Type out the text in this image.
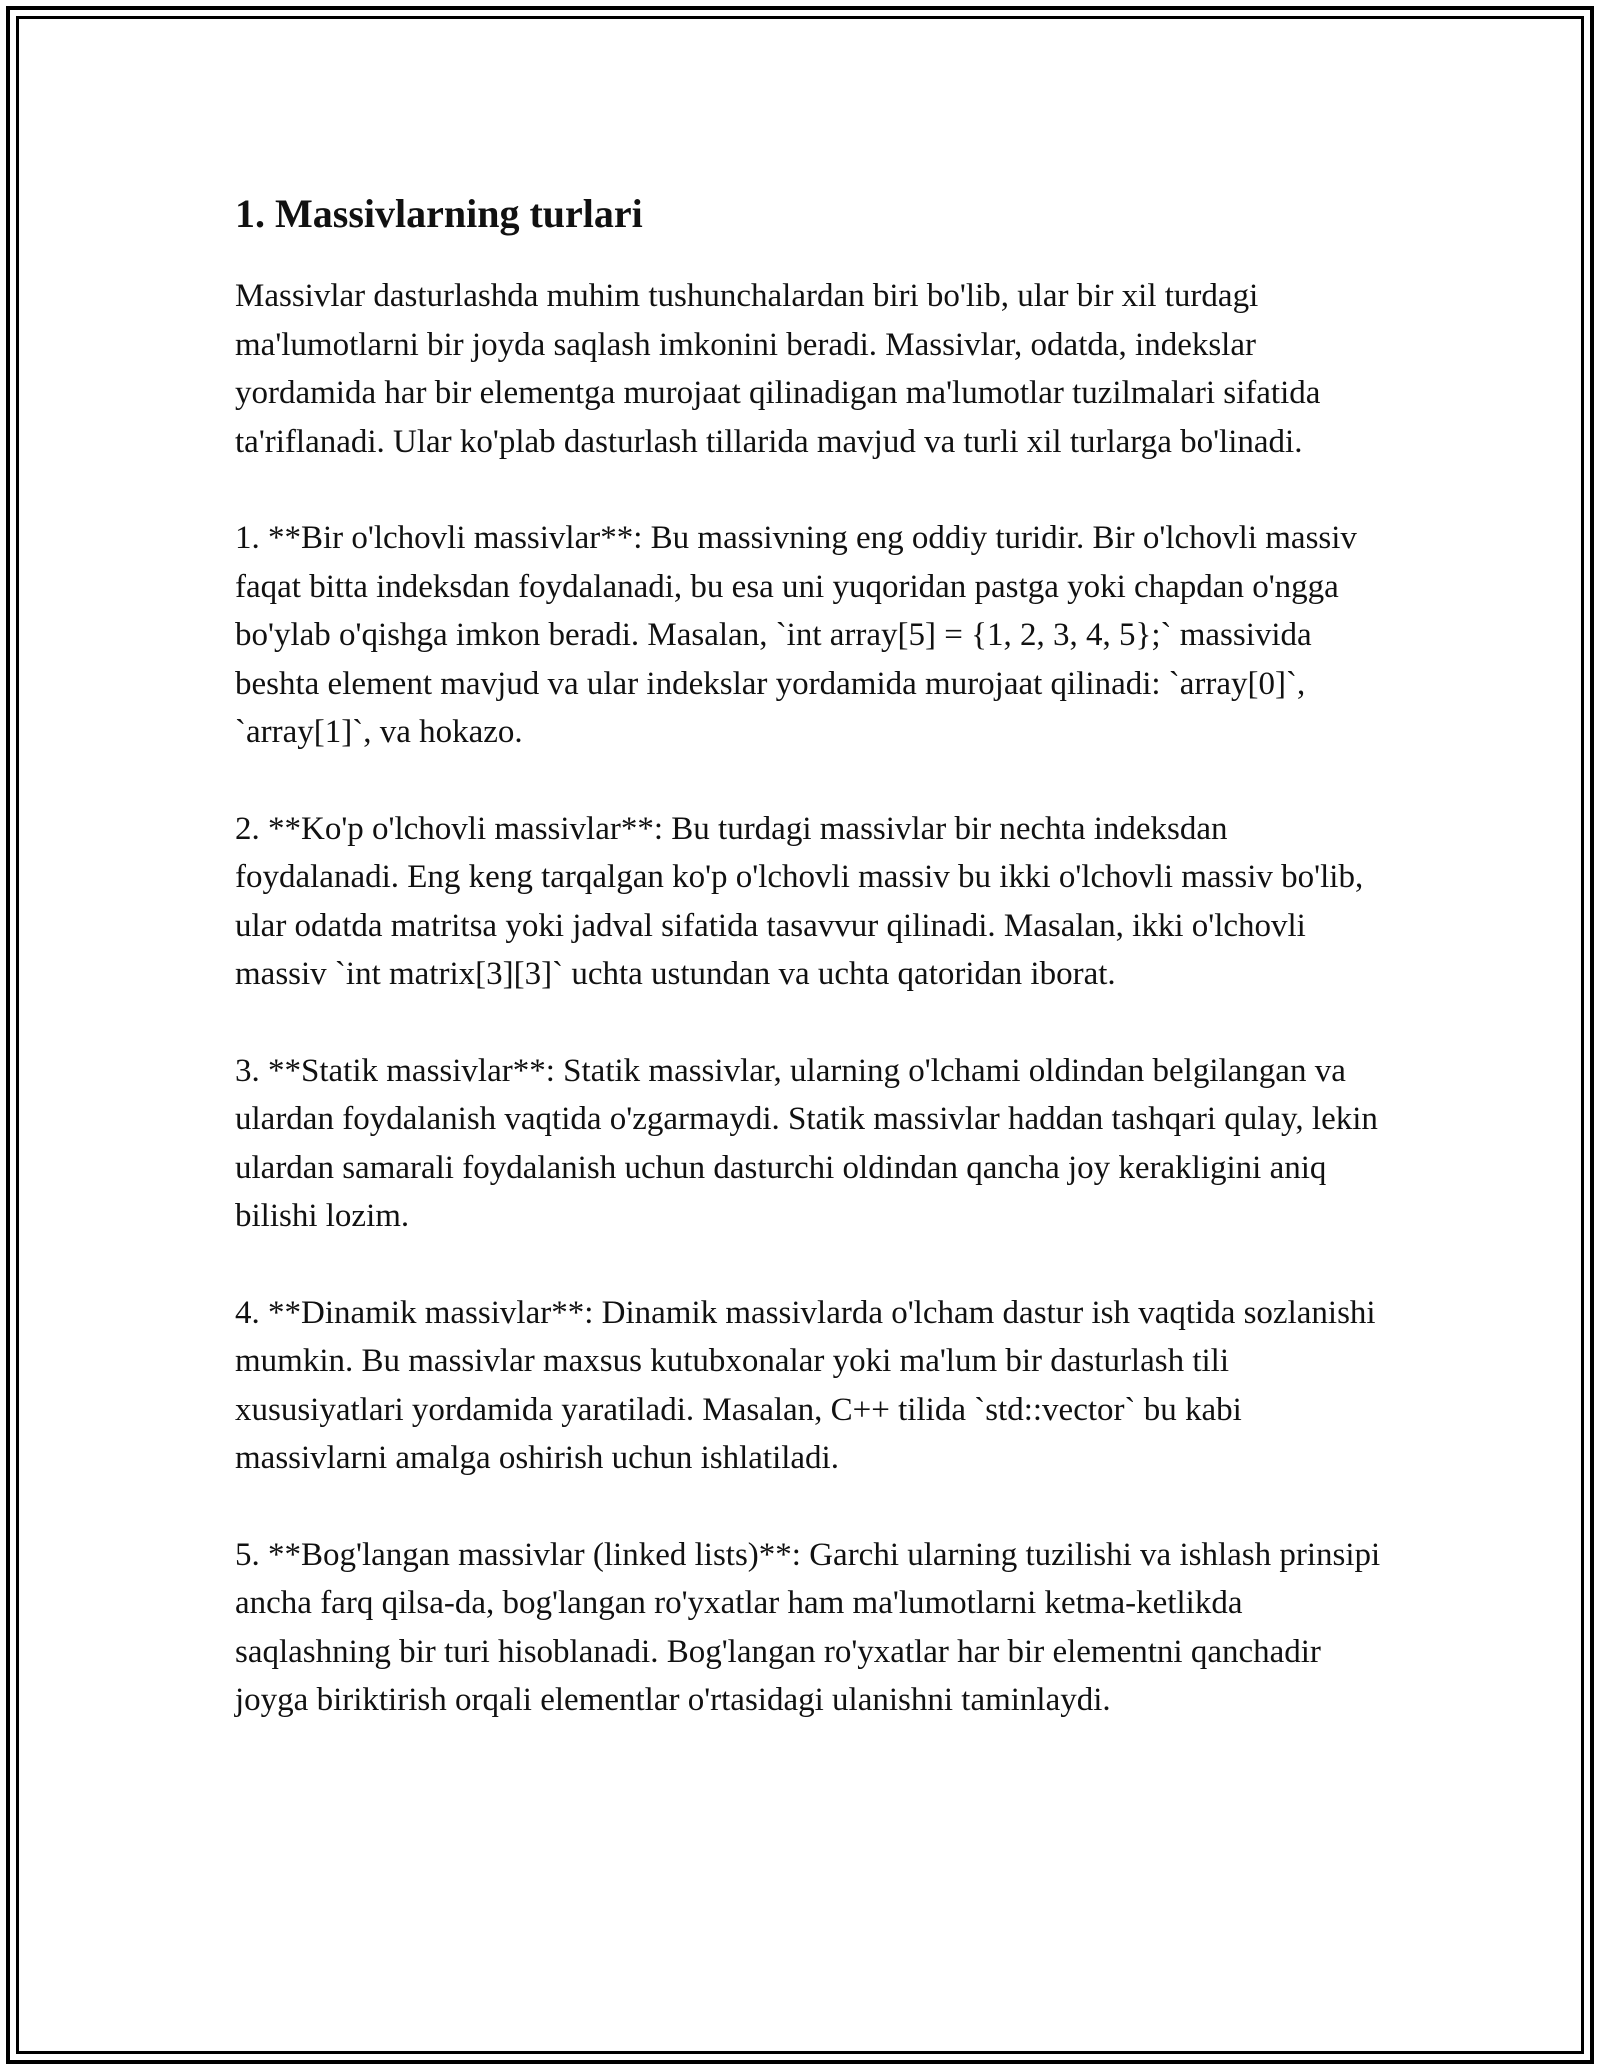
1. Massivlarning turlari

Massivlar dasturlashda muhim tushunchalardan biri bo'lib, ular bir xil turdagi ma'lumotlarni bir joyda saqlash imkonini beradi. Massivlar, odatda, indekslar yordamida har bir elementga murojaat qilinadigan ma'lumotlar tuzilmalari sifatida ta'riflanadi. Ular ko'plab dasturlash tillarida mavjud va turli xil turlarga bo'linadi.

1. **Bir o'lchovli massivlar**: Bu massivning eng oddiy turidir. Bir o'lchovli massiv faqat bitta indeksdan foydalanadi, bu esa uni yuqoridan pastga yoki chapdan o'ngga bo'ylab o'qishga imkon beradi. Masalan, `int array[5] = {1, 2, 3, 4, 5};` massivida beshta element mavjud va ular indekslar yordamida murojaat qilinadi: `array[0]`, `array[1]`, va hokazo.

2. **Ko'p o'lchovli massivlar**: Bu turdagi massivlar bir nechta indeksdan foydalanadi. Eng keng tarqalgan ko'p o'lchovli massiv bu ikki o'lchovli massiv bo'lib, ular odatda matritsa yoki jadval sifatida tasavvur qilinadi. Masalan, ikki o'lchovli massiv `int matrix[3][3]` uchta ustundan va uchta qatoridan iborat.

3. **Statik massivlar**: Statik massivlar, ularning o'lchami oldindan belgilangan va ulardan foydalanish vaqtida o'zgarmaydi. Statik massivlar haddan tashqari qulay, lekin ulardan samarali foydalanish uchun dasturchi oldindan qancha joy kerakligini aniq bilishi lozim.

4. **Dinamik massivlar**: Dinamik massivlarda o'lcham dastur ish vaqtida sozlanishi mumkin. Bu massivlar maxsus kutubxonalar yoki ma'lum bir dasturlash tili xususiyatlari yordamida yaratiladi. Masalan, C++ tilida `std::vector` bu kabi massivlarni amalga oshirish uchun ishlatiladi.

5. **Bog'langan massivlar (linked lists)**: Garchi ularning tuzilishi va ishlash prinsipi ancha farq qilsa-da, bog'langan ro'yxatlar ham ma'lumotlarni ketma-ketlikda saqlashning bir turi hisoblanadi. Bog'langan ro'yxatlar har bir elementni qanchadir joyga biriktirish orqali elementlar o'rtasidagi ulanishni taminlaydi.
